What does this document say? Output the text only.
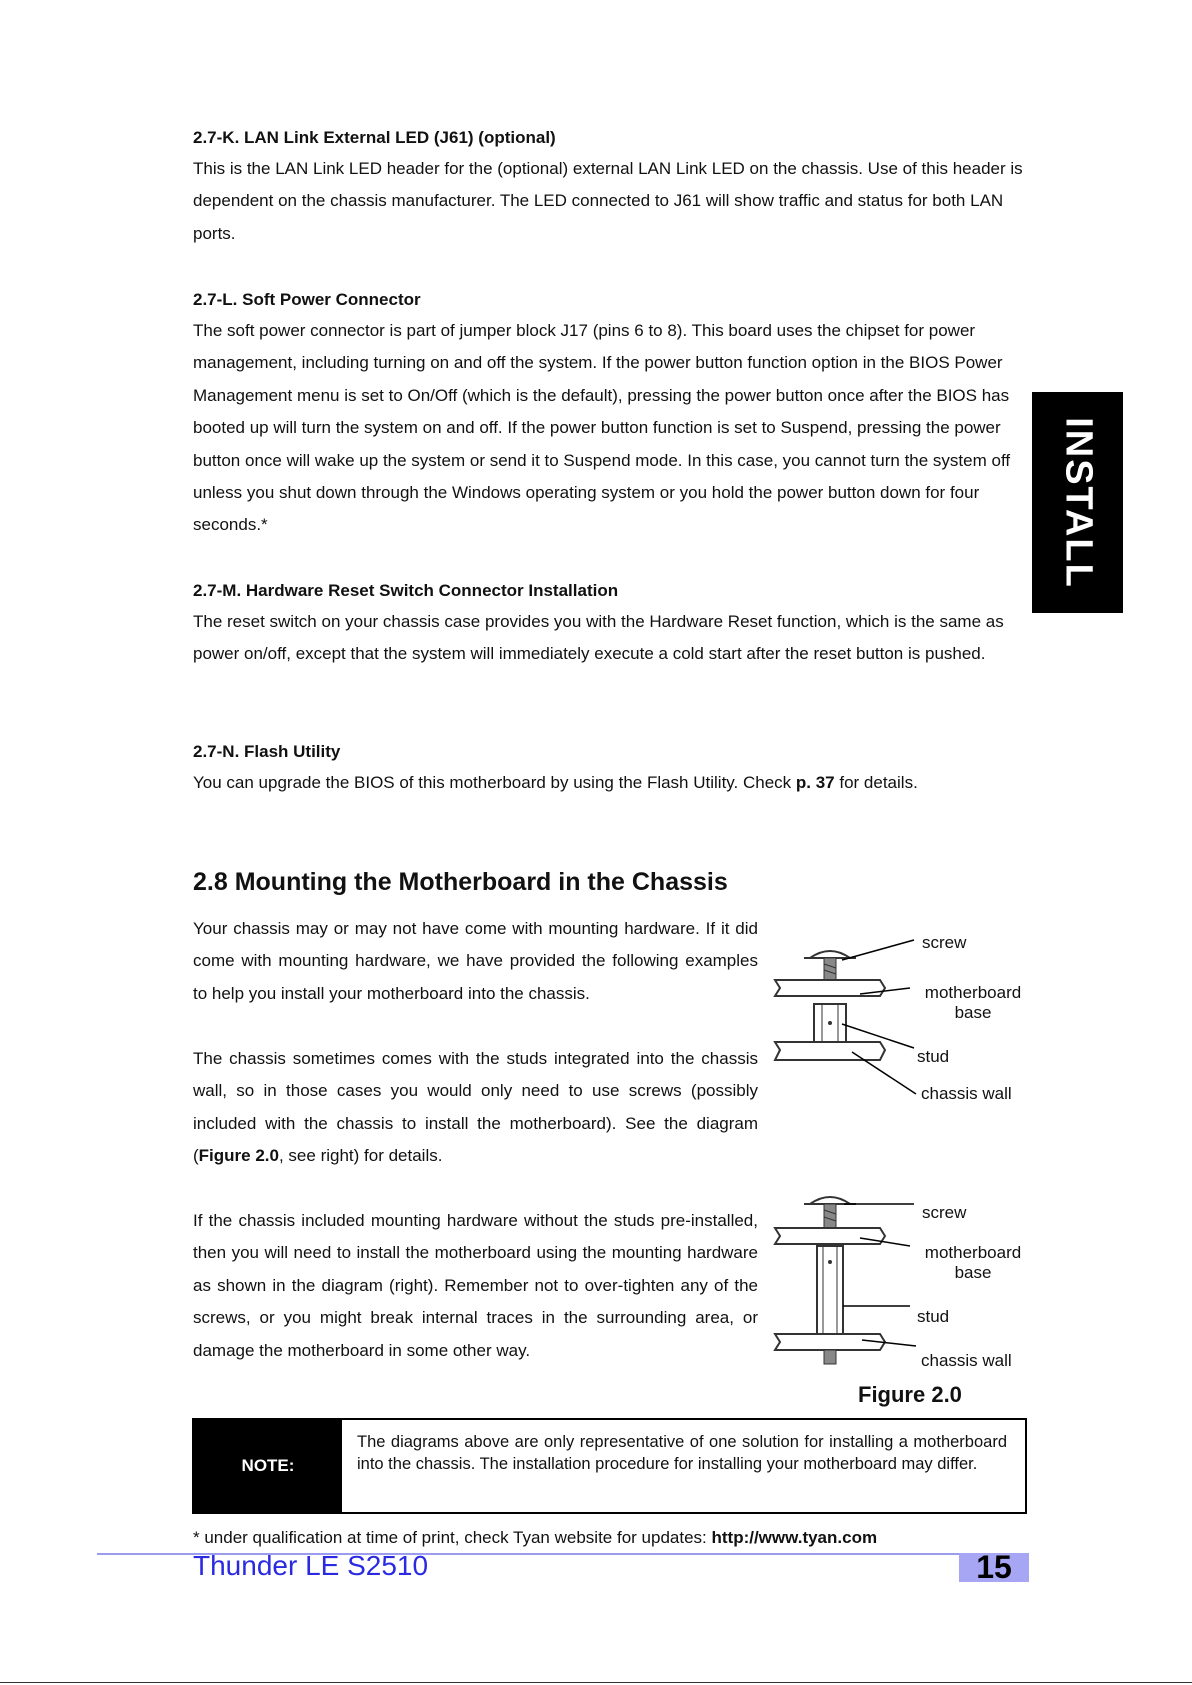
2.7-K. LAN Link External LED (J61) (optional)
This is the LAN Link LED header for the (optional) external LAN Link LED on the chassis. Use of this header is dependent on the chassis manufacturer. The LED connected to J61 will show traffic and status for both LAN ports.
2.7-L. Soft Power Connector
The soft power connector is part of jumper block J17 (pins 6 to 8). This board uses the chipset for power management, including turning on and off the system. If the power button function option in the BIOS Power Management menu is set to On/Off (which is the default), pressing the power button once after the BIOS has booted up will turn the system on and off. If the power button function is set to Suspend, pressing the power button once will wake up the system or send it to Suspend mode. In this case, you cannot turn the system off unless you shut down through the Windows operating system or you hold the power button down for four seconds.*
2.7-M. Hardware Reset Switch Connector Installation
The reset switch on your chassis case provides you with the Hardware Reset function, which is the same as power on/off, except that the system will immediately execute a cold start after the reset button is pushed.
2.7-N. Flash Utility
You can upgrade the BIOS of this motherboard by using the Flash Utility. Check p. 37 for details.
INSTALL
2.8 Mounting the Motherboard in the Chassis
Your chassis may or may not have come with mounting hardware. If it did come with mounting hardware, we have provided the following examples to help you install your motherboard into the chassis.
The chassis sometimes comes with the studs integrated into the chassis wall, so in those cases you would only need to use screws (possibly included with the chassis to install the motherboard). See the diagram (Figure 2.0, see right) for details.
If the chassis included mounting hardware without the studs pre-installed, then you will need to install the motherboard using the mounting hardware as shown in the diagram (right). Remember not to over-tighten any of the screws, or you might break internal traces in the surrounding area, or damage the motherboard in some other way.
screw
motherboard
base
stud
chassis wall
screw
motherboard
base
stud
chassis wall
Figure 2.0
NOTE:
The diagrams above are only representative of one solution for installing a motherboard into the chassis. The installation procedure for installing your motherboard may differ.
* under qualification at time of print, check Tyan website for updates: http://www.tyan.com
Thunder LE S2510	15
